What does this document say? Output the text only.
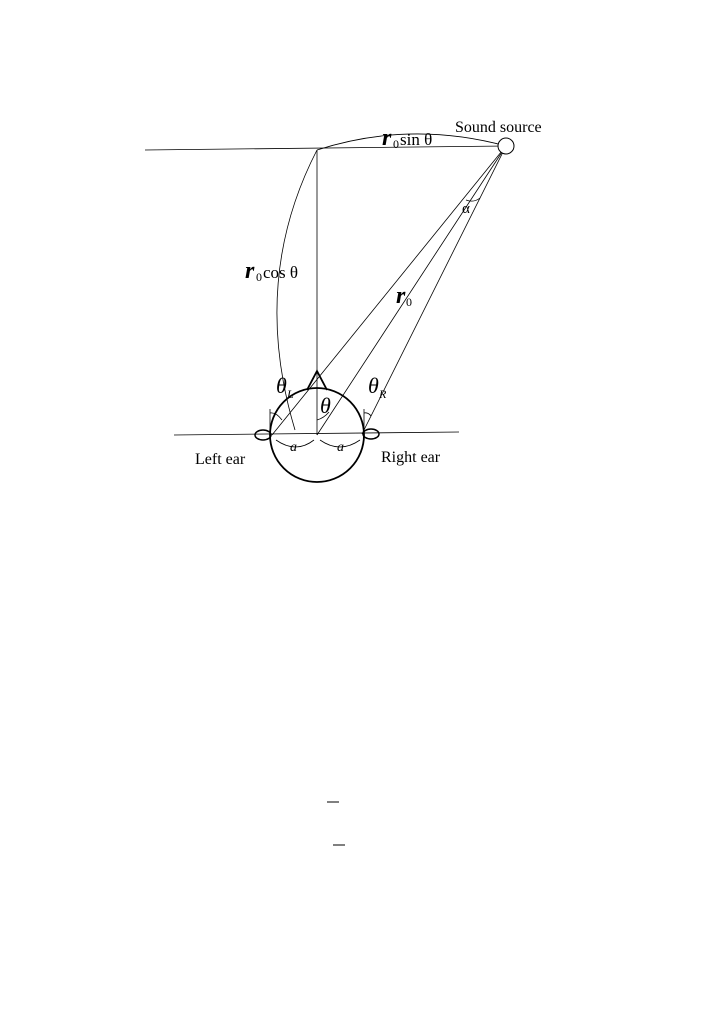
Sound source
Left ear	Right ear
r 0 sin θ
r 0 cos θ
r 0
α
θ
θ L	θ R
a	a
